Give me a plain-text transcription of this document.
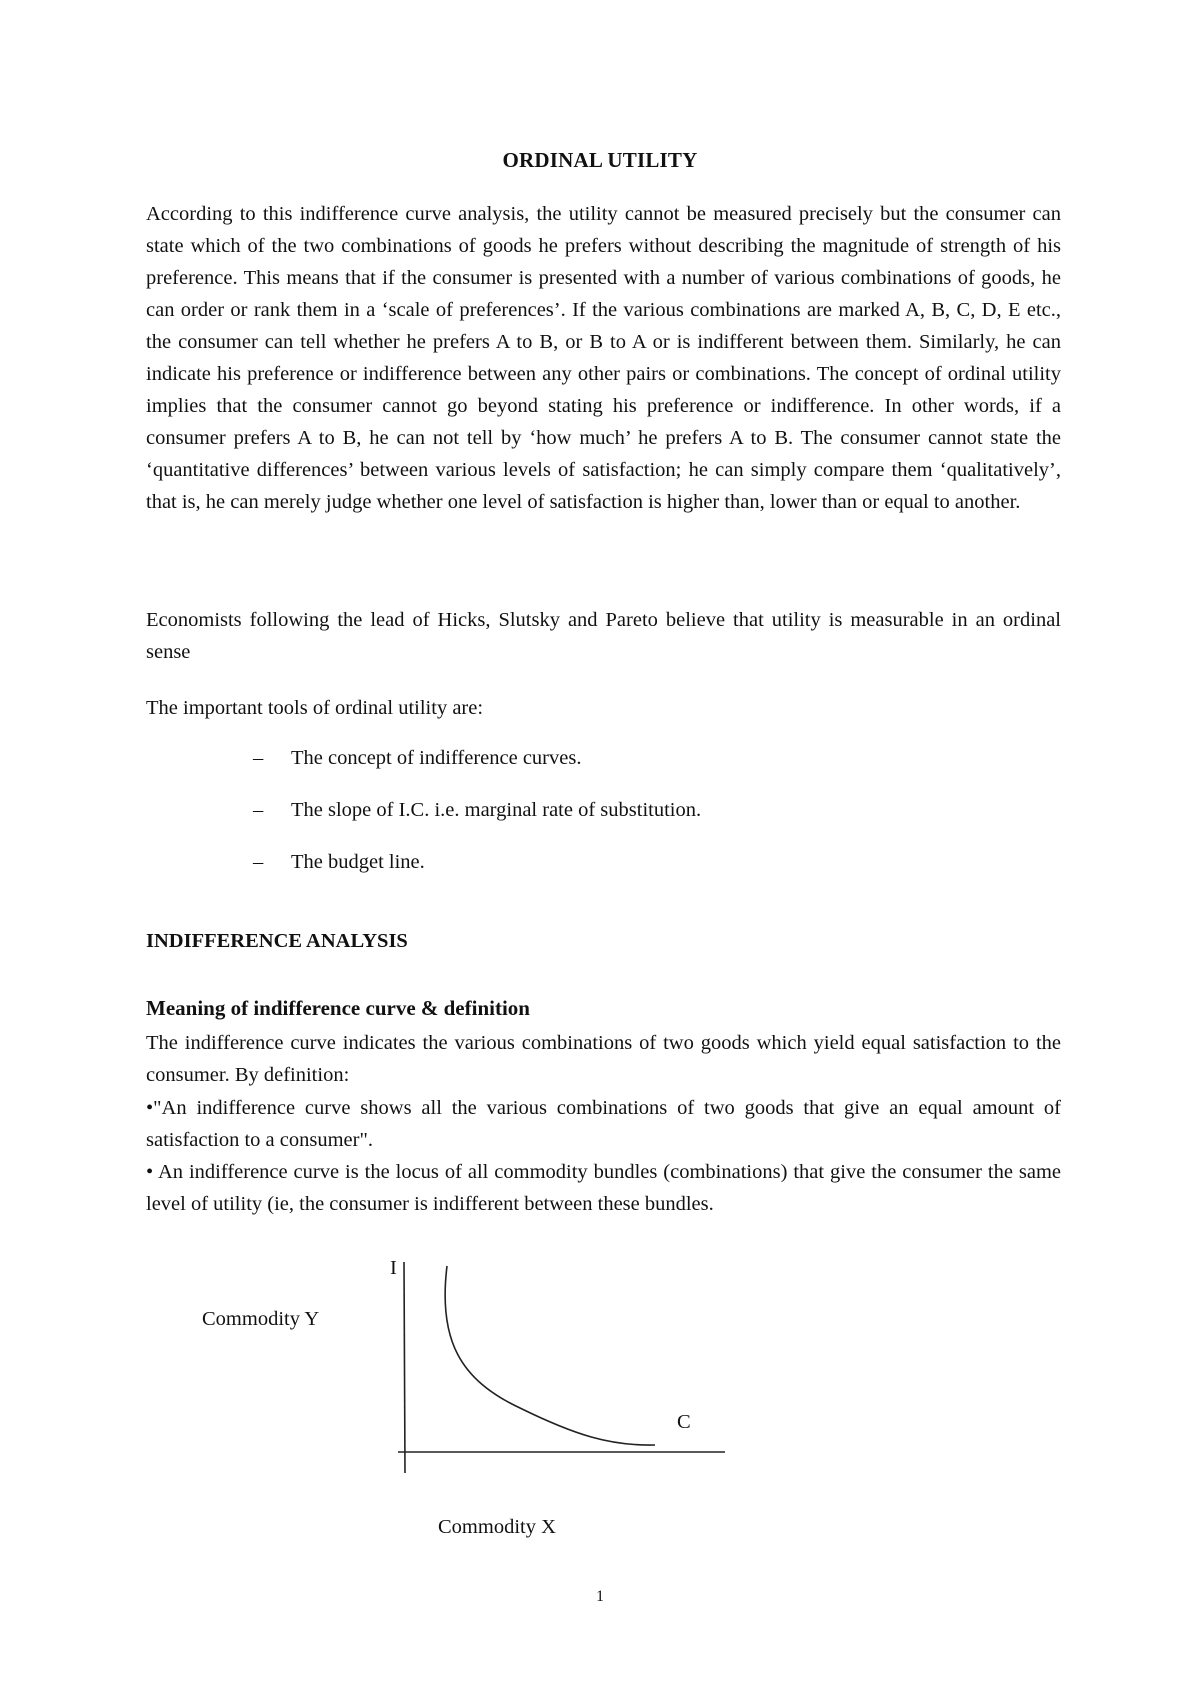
ORDINAL UTILITY

According to this indifference curve analysis, the utility cannot be measured precisely but the consumer can state which of the two combinations of goods he prefers without describing the magnitude of strength of his preference. This means that if the consumer is presented with a number of various combinations of goods, he can order or rank them in a ‘scale of preferences’. If the various combinations are marked A, B, C, D, E etc., the consumer can tell whether he prefers A to B, or B to A or is indifferent between them. Similarly, he can indicate his preference or indifference between any other pairs or combinations. The concept of ordinal utility implies that the consumer cannot go beyond stating his preference or indifference. In other words, if a consumer prefers A to B, he can not tell by ‘how much’ he prefers A to B. The consumer cannot state the ‘quantitative differences’ between various levels of satisfaction; he can simply compare them ‘qualitatively’, that is, he can merely judge whether one level of satisfaction is higher than, lower than or equal to another.

Economists following the lead of Hicks, Slutsky and Pareto believe that utility is measurable in an ordinal sense

The important tools of ordinal utility are:

– The concept of indifference curves.
– The slope of I.C. i.e. marginal rate of substitution.
– The budget line.
INDIFFERENCE ANALYSIS
Meaning of indifference curve & definition
The indifference curve indicates the various combinations of two goods which yield equal satisfaction to the consumer. By definition:
•"An indifference curve shows all the various combinations of two goods that give an equal amount of satisfaction to a consumer".
• An indifference curve is the locus of all commodity bundles (combinations) that give the consumer the same level of utility (ie, the consumer is indifferent between these bundles.
Commodity Y
I
C
Commodity X
1
